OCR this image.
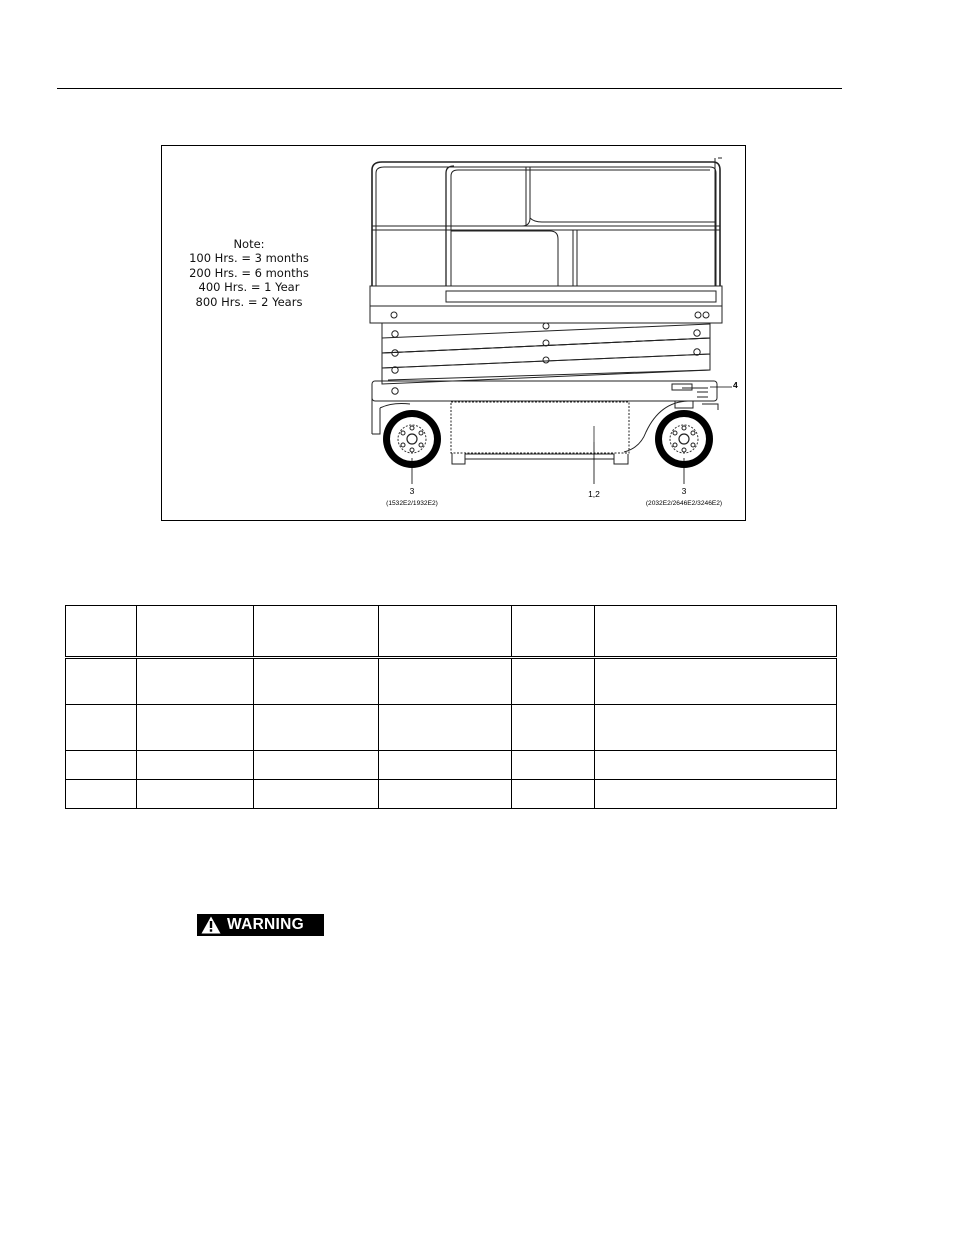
Note:
100 Hrs. = 3 months
200 Hrs. = 6 months
400 Hrs. = 1 Year
800 Hrs. = 2 Years
4
3
(1532E2/1932E2)
1,2	3
(2032E2/2646E2/3246E2)

WARNING
